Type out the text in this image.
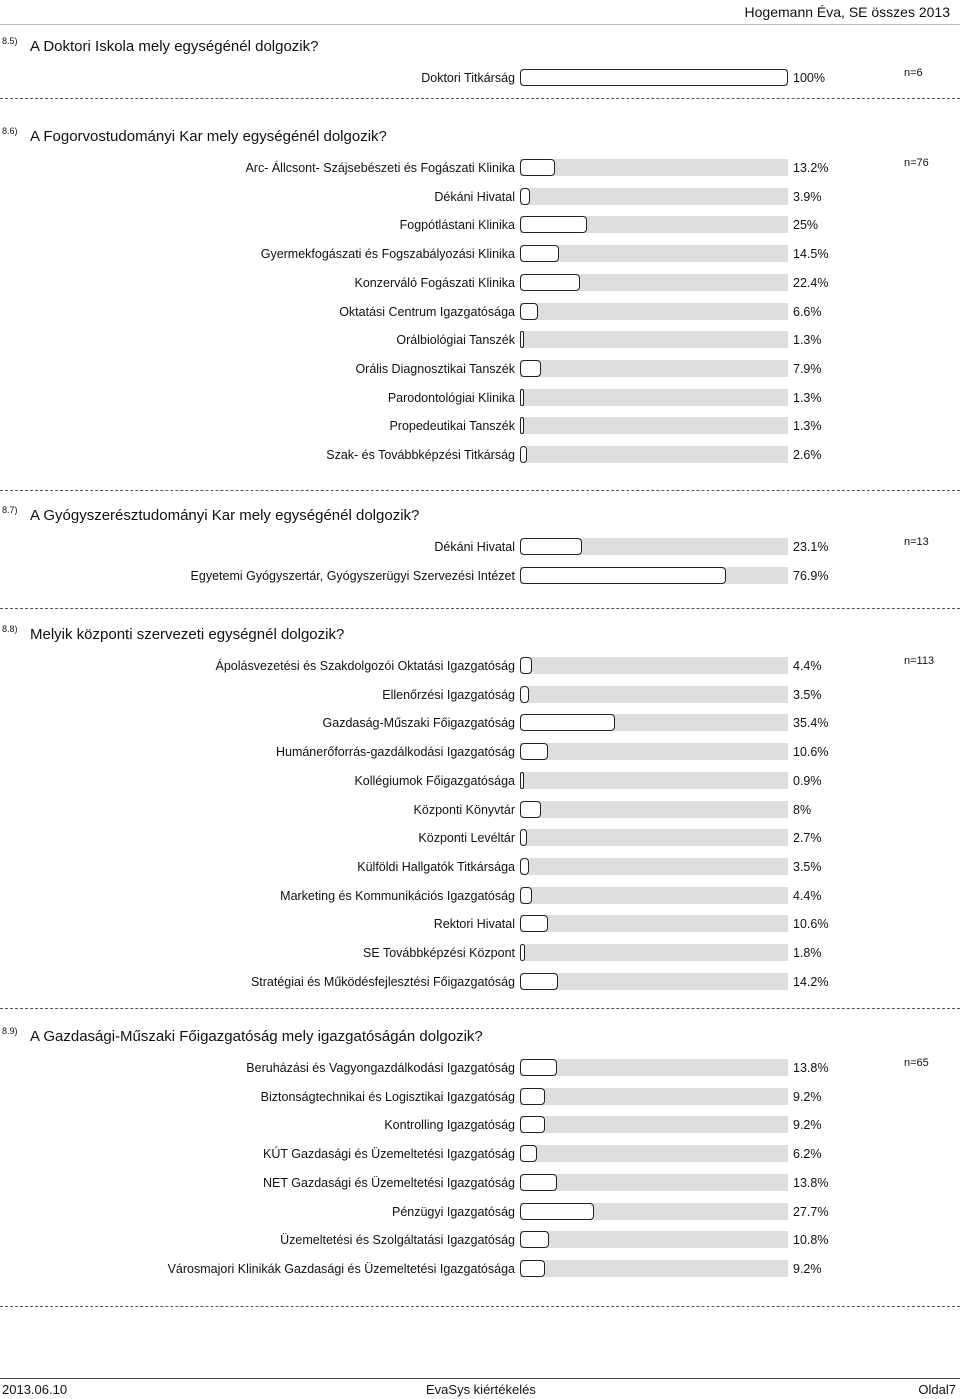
Hogemann Éva, SE összes 2013
8.5) A Doktori Iskola mely egységénél dolgozik?
n=6
Doktori Titkárság	100%
8.6) A Fogorvostudományi Kar mely egységénél dolgozik?
n=76
Arc- Állcsont- Szájsebészeti és Fogászati Klinika	13.2%
Dékáni Hivatal	3.9%
Fogpótlástani Klinika	25%
Gyermekfogászati és Fogszabályozási Klinika	14.5%
Konzerváló Fogászati Klinika	22.4%
Oktatási Centrum Igazgatósága	6.6%
Orálbiológiai Tanszék	1.3%
Orális Diagnosztikai Tanszék	7.9%
Parodontológiai Klinika	1.3%
Propedeutikai Tanszék	1.3%
Szak- és Továbbképzési Titkárság	2.6%
8.7) A Gyógyszerésztudományi Kar mely egységénél dolgozik?
n=13
Dékáni Hivatal	23.1%
Egyetemi Gyógyszertár, Gyógyszerügyi Szervezési Intézet	76.9%
8.8) Melyik központi szervezeti egységnél dolgozik?
n=113
Ápolásvezetési és Szakdolgozói Oktatási Igazgatóság	4.4%
Ellenőrzési Igazgatóság	3.5%
Gazdaság-Műszaki Főigazgatóság	35.4%
Humánerőforrás-gazdálkodási Igazgatóság	10.6%
Kollégiumok Főigazgatósága	0.9%
Központi Könyvtár	8%
Központi Levéltár	2.7%
Külföldi Hallgatók Titkársága	3.5%
Marketing és Kommunikációs Igazgatóság	4.4%
Rektori Hivatal	10.6%
SE Továbbképzési Központ	1.8%
Stratégiai és Működésfejlesztési Főigazgatóság	14.2%
8.9) A Gazdasági-Műszaki Főigazgatóság mely igazgatóságán dolgozik?
n=65
Beruházási és Vagyongazdálkodási Igazgatóság	13.8%
Biztonságtechnikai és Logisztikai Igazgatóság	9.2%
Kontrolling Igazgatóság	9.2%
KÚT Gazdasági és Üzemeltetési Igazgatóság	6.2%
NET Gazdasági és Üzemeltetési Igazgatóság	13.8%
Pénzügyi Igazgatóság	27.7%
Üzemeltetési és Szolgáltatási Igazgatóság	10.8%
Városmajori Klinikák Gazdasági és Üzemeltetési Igazgatósága	9.2%
2013.06.10	EvaSys kiértékelés	Oldal7
